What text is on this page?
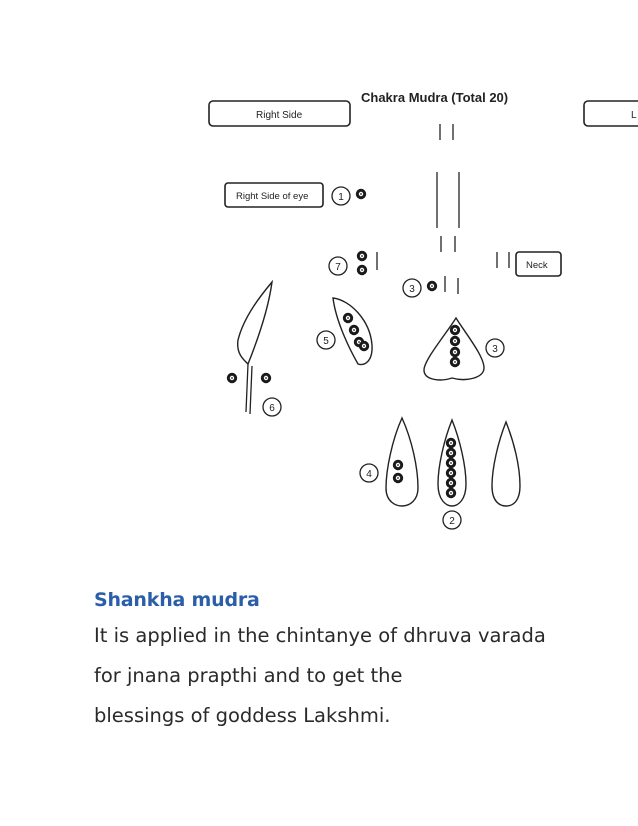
Chakra Mudra (Total 20)
Right Side	L
Right Side of eye
Neck
1
7
3
6
5
3
4
2
Shankha mudra
It is applied in the chintanye of dhruva varada
for jnana prapthi and to get the
blessings of goddess Lakshmi.
